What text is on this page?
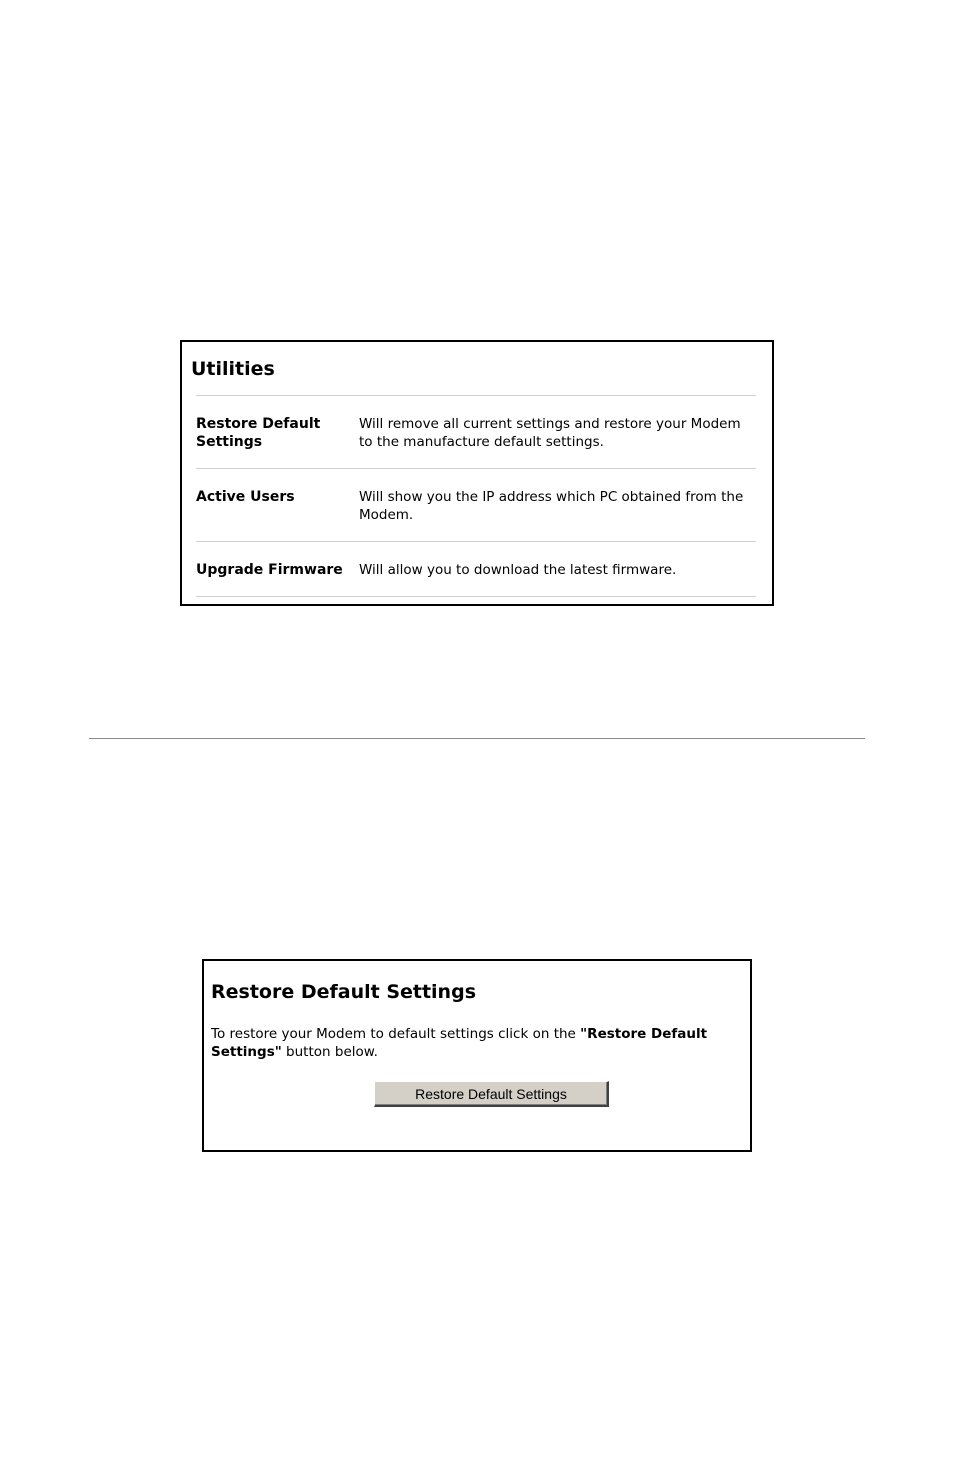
Utilities
Restore Default
Settings
Will remove all current settings and restore your Modem to the manufacture default settings.
Active Users	Will show you the IP address which PC obtained from the Modem.
Upgrade Firmware	Will allow you to download the latest firmware.
Restore Default Settings
To restore your Modem to default settings click on the "Restore Default Settings" button below.
Restore Default Settings
